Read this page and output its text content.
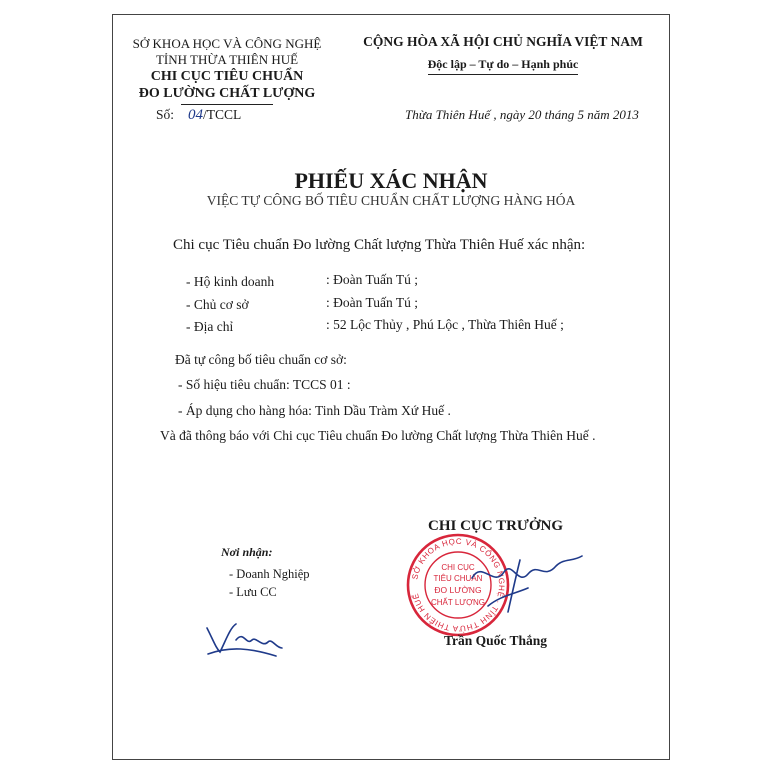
SỞ KHOA HỌC VÀ CÔNG NGHỆ
TỈNH THỪA THIÊN HUẾ
CHI CỤC TIÊU CHUẨN
ĐO LƯỜNG CHẤT LƯỢNG
Số: 04/TCCL
CỘNG HÒA XÃ HỘI CHỦ NGHĨA VIỆT NAM
Độc lập – Tự do – Hạnh phúc
Thừa Thiên Huế , ngày 20 tháng 5 năm 2013
PHIẾU XÁC NHẬN
VIỆC TỰ CÔNG BỐ TIÊU CHUẨN CHẤT LƯỢNG HÀNG HÓA
Chi cục Tiêu chuẩn Đo lường Chất lượng Thừa Thiên Huế xác nhận:
- Hộ kinh doanh	: Đoàn Tuấn Tú ;
- Chủ cơ sở	: Đoàn Tuấn Tú ;
- Địa chỉ	: 52 Lộc Thủy , Phú Lộc , Thừa Thiên Huế ;
Đã tự công bố tiêu chuẩn cơ sở:
- Số hiệu tiêu chuẩn: TCCS 01 :
- Áp dụng cho hàng hóa: Tinh Dầu Tràm Xứ Huế .
Và đã thông báo với Chi cục Tiêu chuẩn Đo lường Chất lượng Thừa Thiên Huế .
CHI CỤC TRƯỞNG
Nơi nhận:
- Doanh Nghiệp
- Lưu CC
SỞ KHOA HỌC VÀ CÔNG NGHỆ · TỈNH THỪA THIÊN HUẾ
CHI CỤC
TIÊU CHUẨN
ĐO LƯỜNG
CHẤT LƯỢNG
Trần Quốc Thắng
